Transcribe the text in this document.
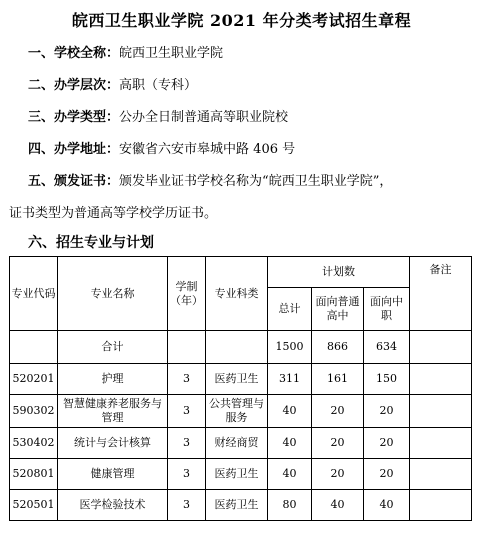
皖西卫生职业学院 2021 年分类考试招生章程
一、学校全称：皖西卫生职业学院
二、办学层次：高职（专科）
三、办学类型：公办全日制普通高等职业院校
四、办学地址：安徽省六安市皋城中路 406 号
五、颁发证书：颁发毕业证书学校名称为“皖西卫生职业学院”，
证书类型为普通高等学校学历证书。
六、招生专业与计划
专业代码	专业名称	学制（年）	专业科类	计划数			备注
				总计	面向普通高中	面向中职	
	合计			1500	866	634	
520201	护理	3	医药卫生	311	161	150	
590302	智慧健康养老服务与管理	3	公共管理与服务	40	20	20	
530402	统计与会计核算	3	财经商贸	40	20	20	
520801	健康管理	3	医药卫生	40	20	20	
520501	医学检验技术	3	医药卫生	80	40	40	
